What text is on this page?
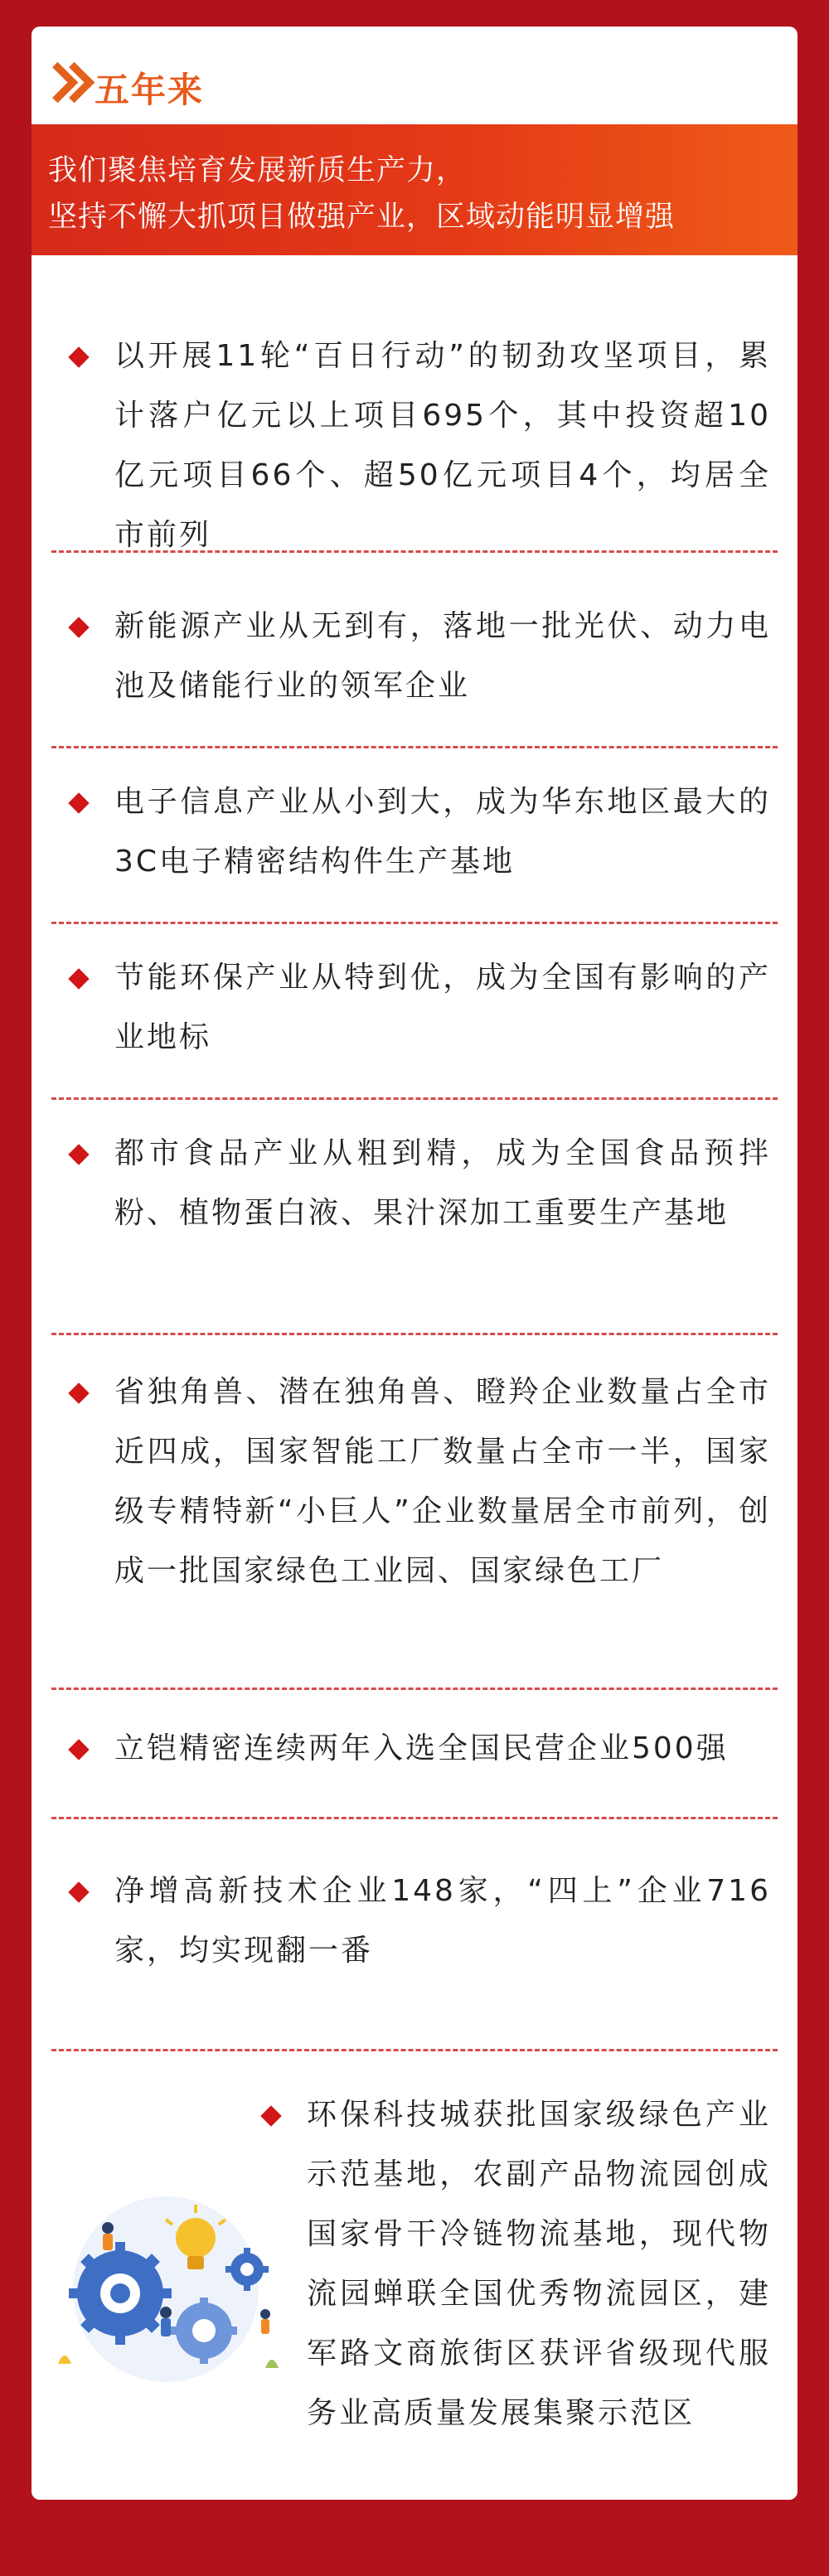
五年来

我们聚焦培育发展新质生产力，

坚持不懈大抓项目做强产业，区域动能明显增强

以开展11轮“百日行动”的韧劲攻坚项目，累计落户亿元以上项目695个，其中投资超10亿元项目66个、超50亿元项目4个，均居全市前列
新能源产业从无到有，落地一批光伏、动力电池及储能行业的领军企业
电子信息产业从小到大，成为华东地区最大的3C电子精密结构件生产基地
节能环保产业从特到优，成为全国有影响的产业地标
都市食品产业从粗到精，成为全国食品预拌粉、植物蛋白液、果汁深加工重要生产基地
省独角兽、潜在独角兽、瞪羚企业数量占全市近四成，国家智能工厂数量占全市一半，国家级专精特新“小巨人”企业数量居全市前列，创成一批国家绿色工业园、国家绿色工厂
立铠精密连续两年入选全国民营企业500强
净增高新技术企业148家，“四上”企业716家，均实现翻一番
环保科技城获批国家级绿色产业示范基地，农副产品物流园创成国家骨干冷链物流基地，现代物流园蝉联全国优秀物流园区，建军路文商旅街区获评省级现代服务业高质量发展集聚示范区
